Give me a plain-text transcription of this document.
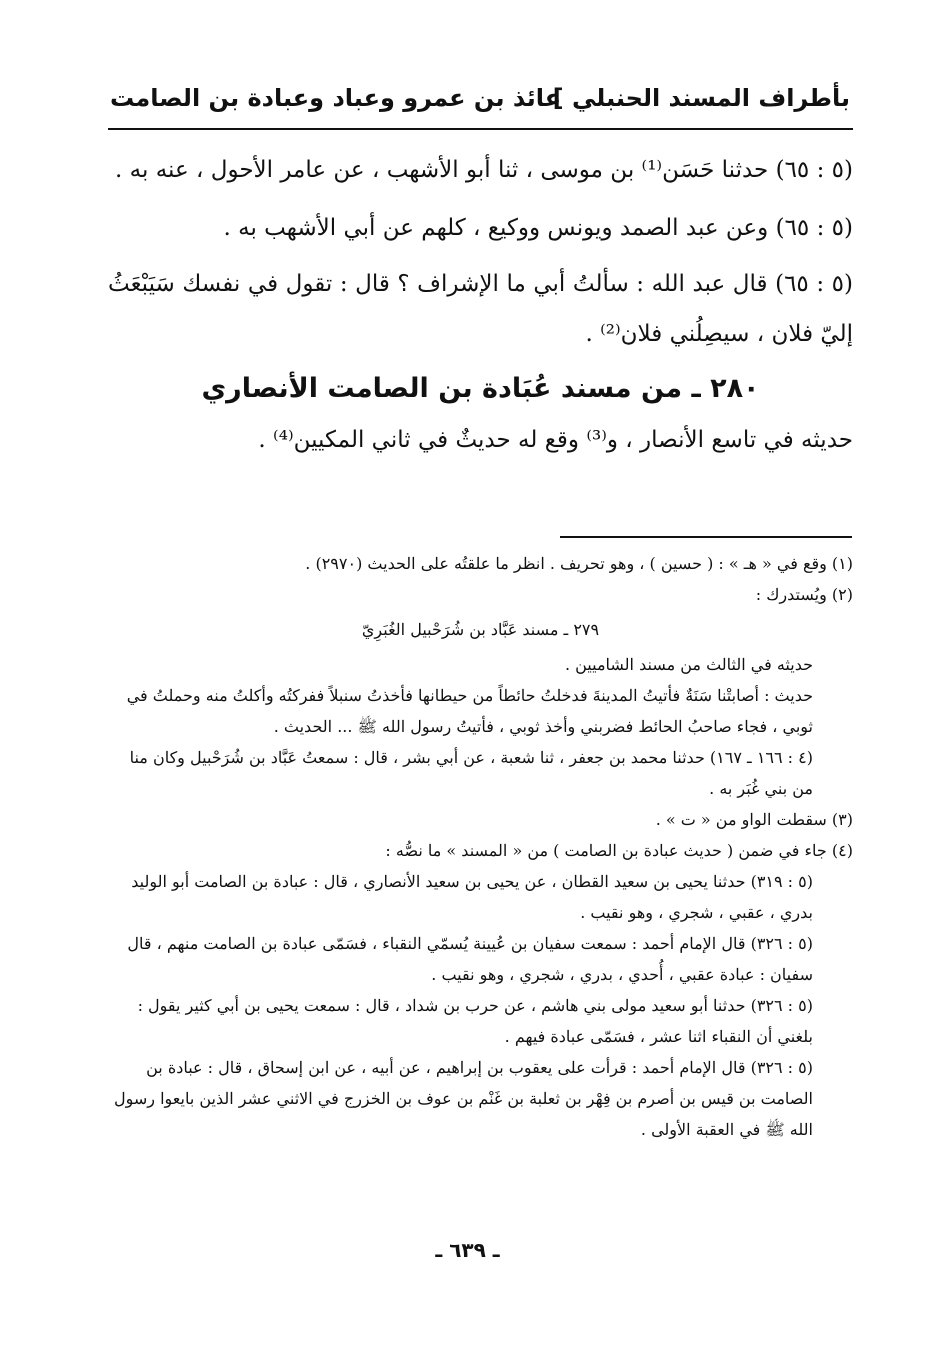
بأطراف المسند الحنبلي ]
عائذ بن عمرو وعباد وعبادة بن الصامت

(٥ : ٦٥) حدثنا حَسَن⁽¹⁾ بن موسى ، ثنا أبو الأشهب ، عن عامر الأحول ، عنه به .

(٥ : ٦٥) وعن عبد الصمد ويونس ووكيع ، كلهم عن أبي الأشهب به .

(٥ : ٦٥) قال عبد الله : سألتُ أبي ما الإشراف ؟ قال : تقول في نفسك سَيَبْعَثُ إليّ فلان ، سيصِلُني فلان⁽²⁾ .

٢٨٠ ـ من مسند عُبَادة بن الصامت الأنصاري
حديثه في تاسع الأنصار ، و⁽³⁾ وقع له حديثٌ في ثاني المكيين⁽⁴⁾ .

(١) وقع في « هـ » : ( حسين ) ، وهو تحريف . انظر ما علقتُه على الحديث (٢٩٧٠) .

(٢) ويُستدرك :

٢٧٩ ـ مسند عَبَّاد بن شُرَحْبيل الغُبَرِيّ

حديثه في الثالث من مسند الشاميين .

حديث : أصابتْنا سَنَةٌ فأتيتُ المدينةَ فدخلتُ حائطاً من حيطانها فأخذتُ سنبلاً ففركتُه وأكلتُ منه وحملتُ في ثوبي ، فجاء صاحبُ الحائط فضربني وأخذ ثوبي ، فأتيتُ رسول الله ﷺ ... الحديث .

(٤ : ١٦٦ ـ ١٦٧) حدثنا محمد بن جعفر ، ثنا شعبة ، عن أبي بشر ، قال : سمعتُ عَبَّاد بن شُرَحْبيل وكان منا من بني غُبَر به .

(٣) سقطت الواو من « ت » .

(٤) جاء في ضمن ( حديث عبادة بن الصامت ) من « المسند » ما نصُّه :

(٥ : ٣١٩) حدثنا يحيى بن سعيد القطان ، عن يحيى بن سعيد الأنصاري ، قال : عبادة بن الصامت أبو الوليد بدري ، عقبي ، شجري ، وهو نقيب .

(٥ : ٣٢٦) قال الإمام أحمد : سمعت سفيان بن عُيينة يُسمّي النقباء ، فسَمّى عبادة بن الصامت منهم ، قال سفيان : عبادة عقبي ، أُحدي ، بدري ، شجري ، وهو نقيب .

(٥ : ٣٢٦) حدثنا أبو سعيد مولى بني هاشم ، عن حرب بن شداد ، قال : سمعت يحيى بن أبي كثير يقول : بلغني أن النقباء اثنا عشر ، فسَمّى عبادة فيهم .

(٥ : ٣٢٦) قال الإمام أحمد : قرأت على يعقوب بن إبراهيم ، عن أبيه ، عن ابن إسحاق ، قال : عبادة بن الصامت بن قيس بن أصرم بن فِهْر بن ثعلبة بن غَنْم بن عوف بن الخزرج في الاثني عشر الذين بايعوا رسول الله ﷺ في العقبة الأولى .

ـ ٦٣٩ ـ
